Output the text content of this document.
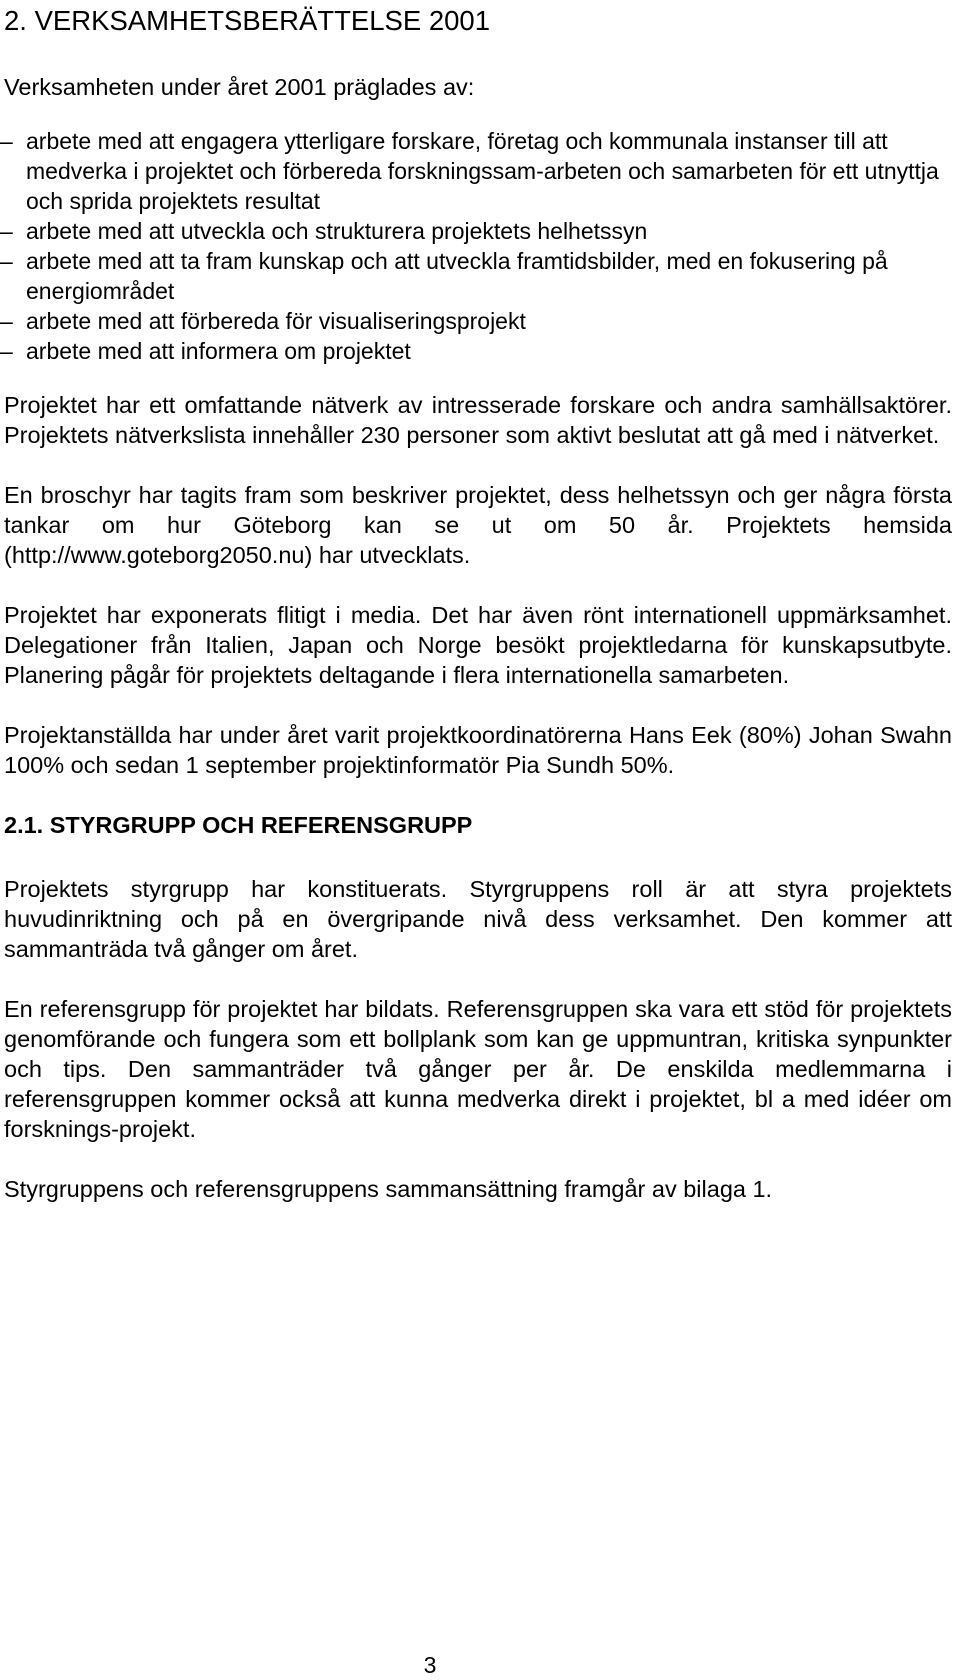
2. VERKSAMHETSBERÄTTELSE 2001

Verksamheten under året 2001 präglades av:

– arbete med att engagera ytterligare forskare, företag och kommunala instanser till att medverka i projektet och förbereda forskningssam-arbeten och samarbeten för ett utnyttja och sprida projektets resultat
– arbete med att utveckla och strukturera projektets helhetssyn
– arbete med att ta fram kunskap och att utveckla framtidsbilder, med en fokusering på energiområdet
– arbete med att förbereda för visualiseringsprojekt
– arbete med att informera om projektet

Projektet har ett omfattande nätverk av intresserade forskare och andra samhällsaktörer. Projektets nätverkslista innehåller 230 personer som aktivt beslutat att gå med i nätverket.

En broschyr har tagits fram som beskriver projektet, dess helhetssyn och ger några första tankar om hur Göteborg kan se ut om 50 år. Projektets hemsida (http://www.goteborg2050.nu) har utvecklats.

Projektet har exponerats flitigt i media. Det har även rönt internationell uppmärksamhet. Delegationer från Italien, Japan och Norge besökt projektledarna för kunskapsutbyte. Planering pågår för projektets deltagande i flera internationella samarbeten.

Projektanställda har under året varit projektkoordinatörerna Hans Eek (80%) Johan Swahn 100% och sedan 1 september projektinformatör Pia Sundh 50%.

2.1. STYRGRUPP OCH REFERENSGRUPP

Projektets styrgrupp har konstituerats. Styrgruppens roll är att styra projektets huvudinriktning och på en övergripande nivå dess verksamhet. Den kommer att sammanträda två gånger om året.

En referensgrupp för projektet har bildats. Referensgruppen ska vara ett stöd för projektets genomförande och fungera som ett bollplank som kan ge uppmuntran, kritiska synpunkter och tips. Den sammanträder två gånger per år. De enskilda medlemmarna i referensgruppen kommer också att kunna medverka direkt i projektet, bl a med idéer om forsknings-projekt.

Styrgruppens och referensgruppens sammansättning framgår av bilaga 1.

3
